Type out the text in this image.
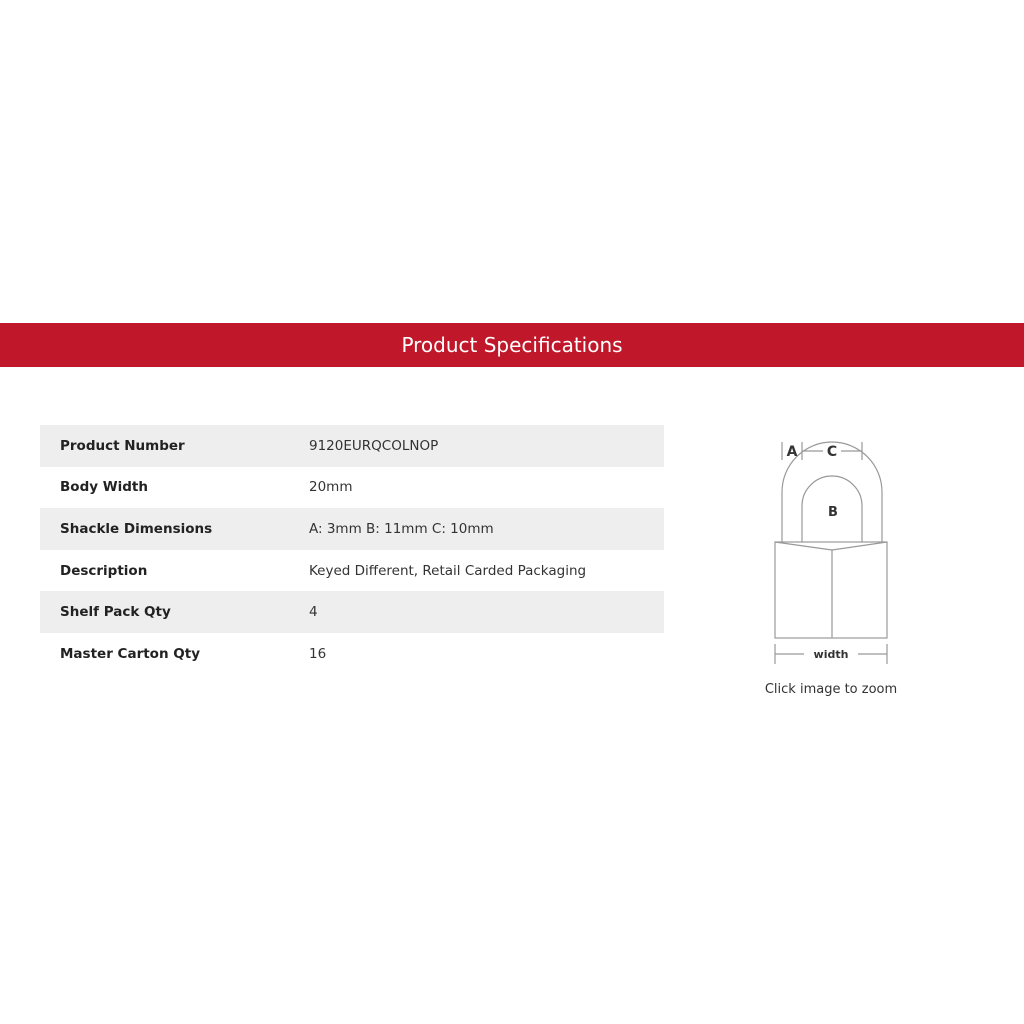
Product Specifications
Product Number	9120EURQCOLNOP
Body Width	20mm
Shackle Dimensions	A: 3mm B: 11mm C: 10mm
Description	Keyed Different, Retail Carded Packaging
Shelf Pack Qty	4
Master Carton Qty	16
A C
B
width
Click image to zoom
